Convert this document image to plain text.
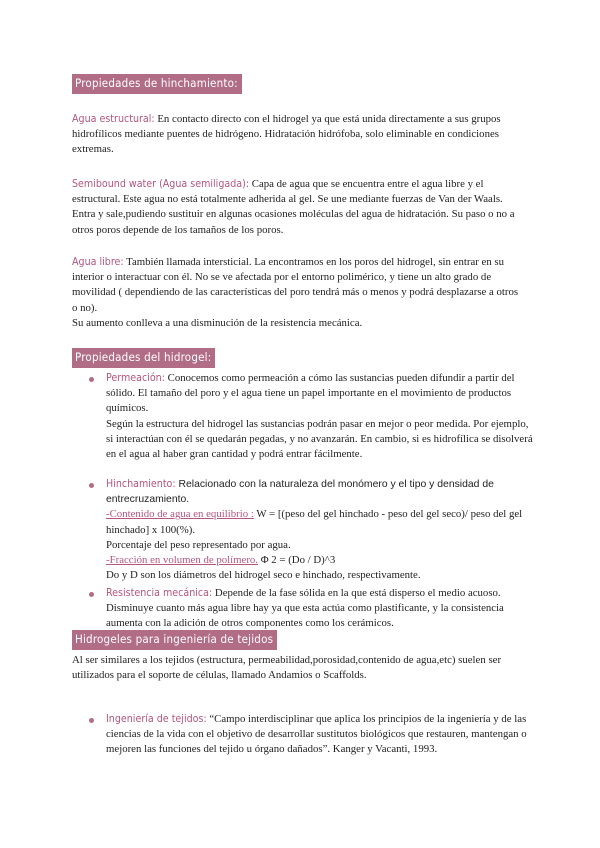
Propiedades de hinchamiento:

Agua estructural: En contacto directo con el hidrogel ya que está unida directamente a sus grupos hidrofílicos mediante puentes de hidrógeno. Hidratación hidrófoba, solo eliminable en condiciones extremas.

Semibound water (Agua semiligada): Capa de agua que se encuentra entre el agua libre y el estructural. Este agua no está totalmente adherida al gel. Se une mediante fuerzas de Van der Waals. Entra y sale,pudiendo sustituir en algunas ocasiones moléculas del agua de hidratación. Su paso o no a otros poros depende de los tamaños de los poros.

Agua libre: También llamada intersticial. La encontramos en los poros del hidrogel, sin entrar en su interior o interactuar con él. No se ve afectada por el entorno polimérico, y tiene un alto grado de movilidad ( dependiendo de las características del poro tendrá más o menos y podrá desplazarse a otros o no).
Su aumento conlleva a una disminución de la resistencia mecánica.

Propiedades del hidrogel:
Permeación: Conocemos como permeación a cómo las sustancias pueden difundir a partir del sólido. El tamaño del poro y el agua tiene un papel importante en el movimiento de productos químicos.
Según la estructura del hidrogel las sustancias podrán pasar en mejor o peor medida. Por ejemplo, si interactúan con él se quedarán pegadas, y no avanzarán. En cambio, si es hidrofílica se disolverá en el agua al haber gran cantidad y podrá entrar fácilmente.
Hinchamiento: Relacionado con la naturaleza del monómero y el tipo y densidad de entrecruzamiento.
-Contenido de agua en equilibrio : W = [(peso del gel hinchado - peso del gel seco)/ peso del gel hinchado] x 100(%).
Porcentaje del peso representado por agua.
-Fracción en volumen de polímero. Φ 2 = (Do / D)^3
Do y D son los diámetros del hidrogel seco e hinchado, respectivamente.
Resistencia mecánica: Depende de la fase sólida en la que está disperso el medio acuoso. Disminuye cuanto más agua libre hay ya que esta actúa como plastificante, y la consistencia aumenta con la adición de otros componentes como los cerámicos.
Hidrogeles para ingeniería de tejidos

Al ser similares a los tejidos (estructura, permeabilidad,porosidad,contenido de agua,etc) suelen ser utilizados para el soporte de células, llamado Andamios o Scaffolds.

Ingeniería de tejidos: “Campo interdisciplinar que aplica los principios de la ingeniería y de las ciencias de la vida con el objetivo de desarrollar sustitutos biológicos que restauren, mantengan o mejoren las funciones del tejido u órgano dañados”. Kanger y Vacanti, 1993.
